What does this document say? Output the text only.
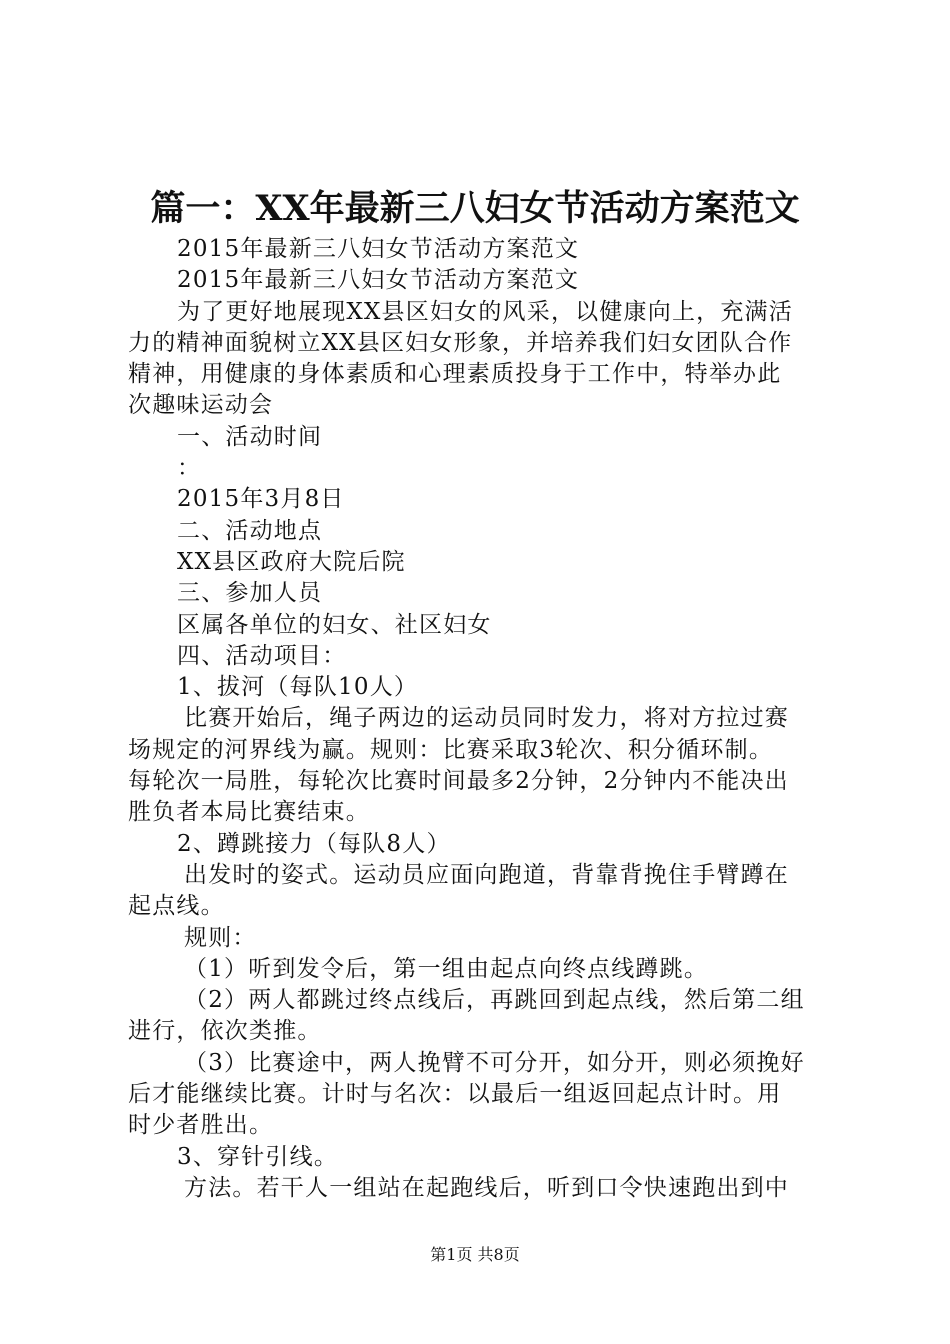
篇一：XX年最新三八妇女节活动方案范文
2015年最新三八妇女节活动方案范文
2015年最新三八妇女节活动方案范文
为了更好地展现XX县区妇女的风采，以健康向上，充满活
力的精神面貌树立XX县区妇女形象，并培养我们妇女团队合作
精神，用健康的身体素质和心理素质投身于工作中，特举办此
次趣味运动会
一、活动时间
：
2015年3月8日
二、活动地点
XX县区政府大院后院
三、参加人员
区属各单位的妇女、社区妇女
四、活动项目：
1、拔河（每队10人）
比赛开始后，绳子两边的运动员同时发力，将对方拉过赛
场规定的河界线为赢。规则：比赛采取3轮次、积分循环制。
每轮次一局胜，每轮次比赛时间最多2分钟，2分钟内不能决出
胜负者本局比赛结束。
2、蹲跳接力（每队8人）
出发时的姿式。运动员应面向跑道，背靠背挽住手臂蹲在
起点线。
规则：
（1）听到发令后，第一组由起点向终点线蹲跳。
（2）两人都跳过终点线后，再跳回到起点线，然后第二组
进行，依次类推。
（3）比赛途中，两人挽臂不可分开，如分开，则必须挽好
后才能继续比赛。计时与名次：以最后一组返回起点计时。用
时少者胜出。
3、穿针引线。
方法。若干人一组站在起跑线后，听到口令快速跑出到中
第1页 共8页
